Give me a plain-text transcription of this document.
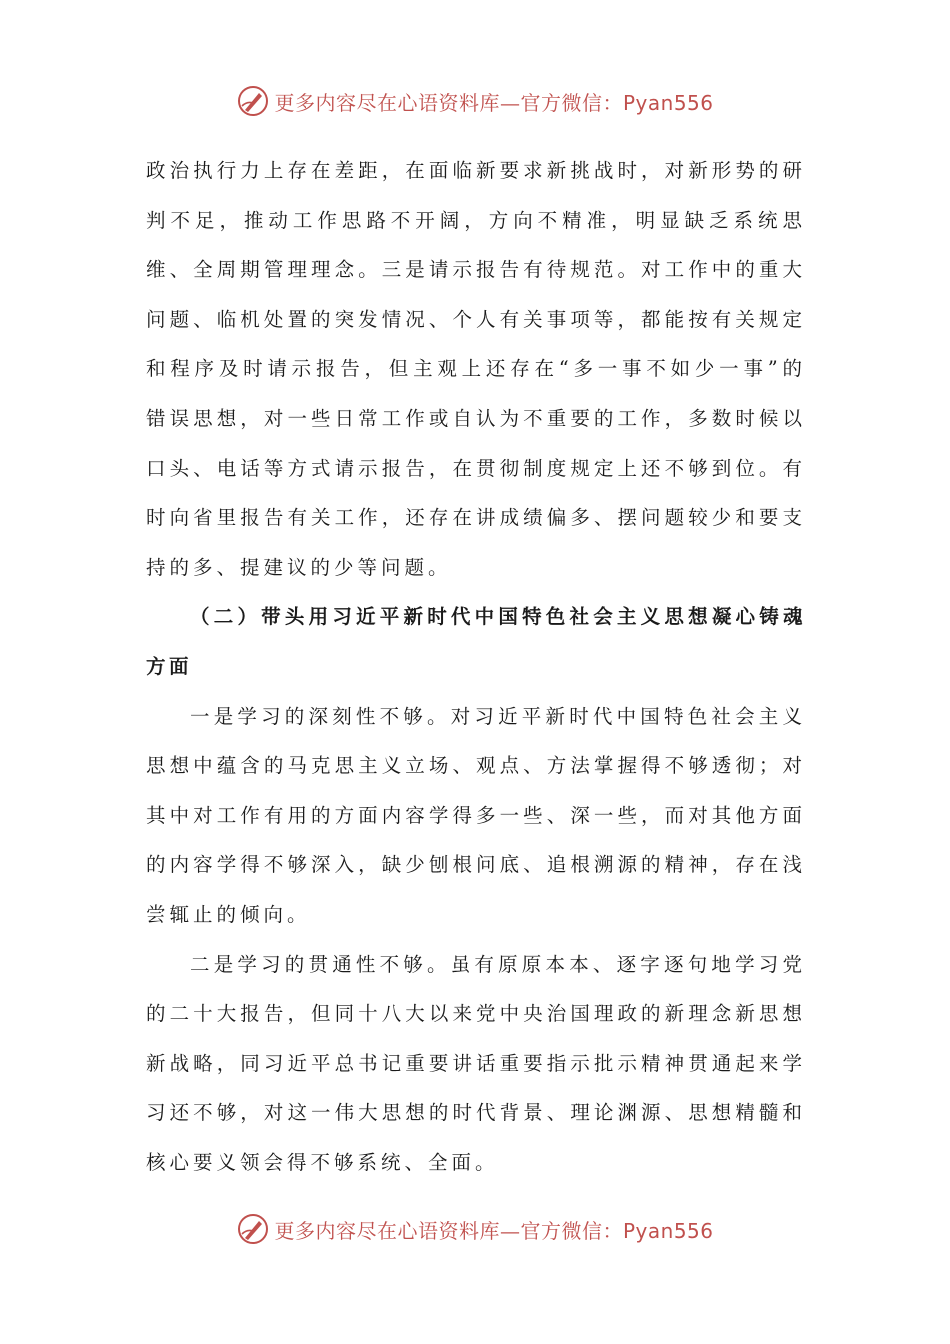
更多内容尽在心语资料库—官方微信：Pyan556

政治执行力上存在差距，在面临新要求新挑战时，对新形势的研判不足，推动工作思路不开阔，方向不精准，明显缺乏系统思维、全周期管理理念。三是请示报告有待规范。对工作中的重大问题、临机处置的突发情况、个人有关事项等，都能按有关规定和程序及时请示报告，但主观上还存在“多一事不如少一事”的错误思想，对一些日常工作或自认为不重要的工作，多数时候以口头、电话等方式请示报告，在贯彻制度规定上还不够到位。有时向省里报告有关工作，还存在讲成绩偏多、摆问题较少和要支持的多、提建议的少等问题。

（二）带头用习近平新时代中国特色社会主义思想凝心铸魂方面

一是学习的深刻性不够。对习近平新时代中国特色社会主义思想中蕴含的马克思主义立场、观点、方法掌握得不够透彻；对其中对工作有用的方面内容学得多一些、深一些，而对其他方面的内容学得不够深入，缺少刨根问底、追根溯源的精神，存在浅尝辄止的倾向。

二是学习的贯通性不够。虽有原原本本、逐字逐句地学习党的二十大报告，但同十八大以来党中央治国理政的新理念新思想新战略，同习近平总书记重要讲话重要指示批示精神贯通起来学习还不够，对这一伟大思想的时代背景、理论渊源、思想精髓和核心要义领会得不够系统、全面。

更多内容尽在心语资料库—官方微信：Pyan556
